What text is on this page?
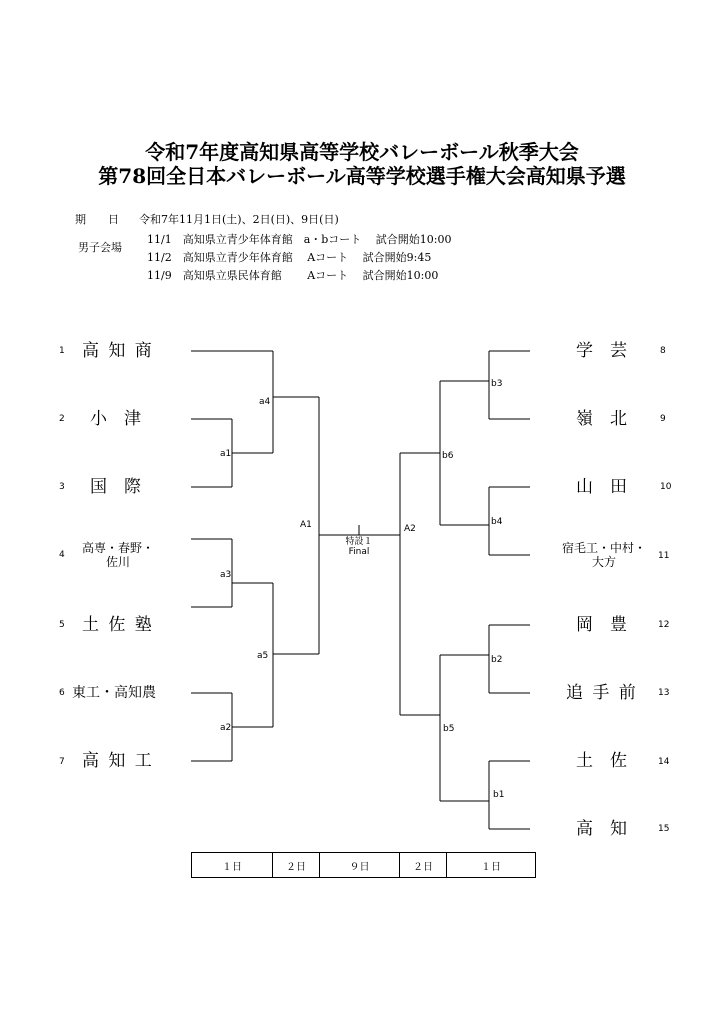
令和7年度高知県高等学校バレーボール秋季大会
第78回全日本バレーボール高等学校選手権大会高知県予選
期　　日 令和7年11月1日(土)、2日(日)、9日(日)
男子会場
11/1　高知県立青少年体育館　a・bコート　 試合開始10:00
11/2　高知県立青少年体育館　 Aコート　 試合開始9:45
11/9　高知県立県民体育館　　 Aコート　 試合開始10:00
1 高 知 商
2 小　津
3 国　際
4	高専・春野・
佐川
5 土 佐 塾
6 東工・高知農
7 高 知 工
学　芸	8
嶺　北	9
山　田	10
宿毛工・中村・
大方	11
岡　豊	12
追 手 前 13
土　佐	14
高　知	15
a1
a2
a3
a4
a5
A1	A2
b1
b2
b3
b4
b5
b6
特設１
Final
１日	２日	９日	２日	１日
